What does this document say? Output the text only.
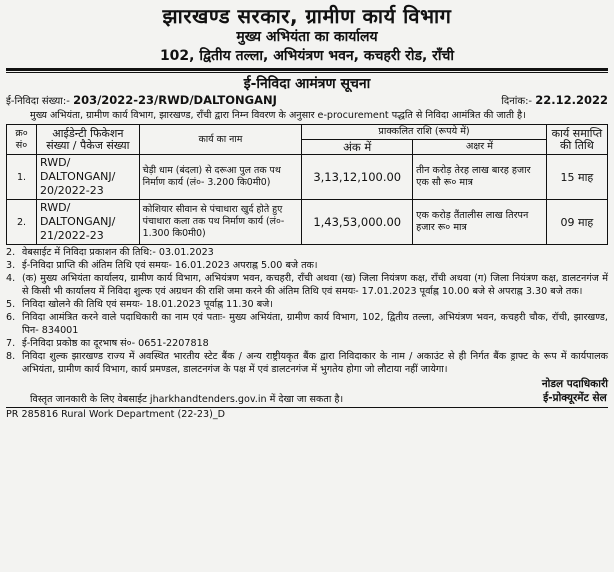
झारखण्ड सरकार, ग्रामीण कार्य विभाग
मुख्य अभियंता का कार्यालय
102, द्वितीय तल्ला, अभियंत्रण भवन, कचहरी रोड, राँची
ई-निविदा आमंत्रण सूचना
ई-निविदा संख्या:- 203/2022-23/RWD/DALTONGANJ	दिनांक:- 22.12.2022
मुख्य अभियंता, ग्रामीण कार्य विभाग, झारखण्ड, राँची द्वारा निम्न विवरण के अनुसार e-procurement पद्धति से निविदा आमंत्रित की जाती है।
क्र० सं०	आईडेन्टी फिकेशन संख्या / पैकेज संख्या	कार्य का नाम	प्राक्कलित राशि (रूपये में)		कार्य समाप्ति की तिथि
			अंक में	अक्षर में	
1.	RWD/ DALTONGANJ/ 20/2022-23	चेड़ी धाम (बंदला) से दरूआ पुल तक पथ निर्माण कार्य (लं०- 3.200 कि0मी0)	3,13,12,100.00	तीन करोड़ तेरह लाख बारह हजार एक सौ रू० मात्र	15 माह
2.	RWD/ DALTONGANJ/ 21/2022-23	कोशियार सीवान से पंचाधारा खुर्द होते हुए पंचाधारा कला तक पथ निर्माण कार्य (लं०- 1.300 कि0मी0)	1,43,53,000.00	एक करोड़ तैंतालीस लाख तिरपन हजार रू० मात्र	09 माह
2. वेबसाईट में निविदा प्रकाशन की तिथि:- 03.01.2023
3. ई-निविदा प्राप्ति की अंतिम तिथि एवं समयः- 16.01.2023 अपराह्न 5.00 बजे तक।
4. (क) मुख्य अभियंता कार्यालय, ग्रामीण कार्य विभाग, अभियंत्रण भवन, कचहरी, राँची अथवा (ख) जिला नियंत्रण कक्ष, राँची अथवा (ग) जिला नियंत्रण कक्ष, डालटनगंज में से किसी भी कार्यालय में निविदा शुल्क एवं अग्रधन की राशि जमा करने की अंतिम तिथि एवं समयः- 17.01.2023 पूर्वाह्न 10.00 बजे से अपराह्न 3.30 बजे तक।
5. निविदा खोलने की तिथि एवं समयः- 18.01.2023 पूर्वाह्न 11.30 बजे।
6. निविदा आमंत्रित करने वाले पदाधिकारी का नाम एवं पताः- मुख्य अभियंता, ग्रामीण कार्य विभाग, 102, द्वितीय तल्ला, अभियंत्रण भवन, कचहरी चौक, रॉची, झारखण्ड, पिन- 834001
7. ई-निविदा प्रकोष्ठ का दूरभाष सं०- 0651-2207818
8. निविदा शुल्क झारखण्ड राज्य में अवस्थित भारतीय स्टेट बैंक / अन्य राष्ट्रीयकृत बैंक द्वारा निविदाकार के नाम / अकाउंट से ही निर्गत बैंक ड्राफ्ट के रूप में कार्यपालक अभियंता, ग्रामीण कार्य विभाग, कार्य प्रमण्डल, डालटनगंज के पक्ष में एवं डालटनगंज में भुगतेय होगा जो लौटाया नहीं जायेगा।
विस्तृत जानकारी के लिए वेबसाईट jharkhandtenders.gov.in में देखा जा सकता है।
नोडल पदाधिकारी
ई-प्रोक्यूरमेंट सेल
PR 285816 Rural Work Department (22-23)_D
